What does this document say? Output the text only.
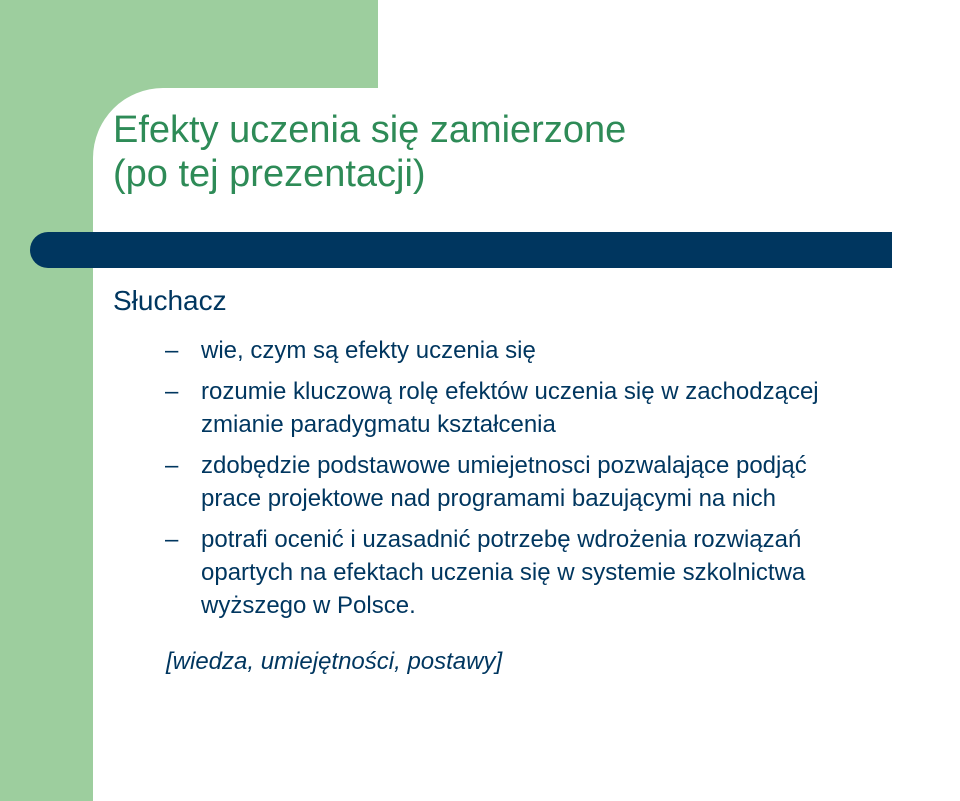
Efekty uczenia się zamierzone
(po tej prezentacji)
Słuchacz
– wie, czym są efekty uczenia się
– rozumie kluczową rolę efektów uczenia się w zachodzącej
zmianie paradygmatu kształcenia
– zdobędzie podstawowe umiejetnosci pozwalające podjąć
prace projektowe nad programami bazującymi na nich
– potrafi ocenić i uzasadnić potrzebę wdrożenia rozwiązań
opartych na efektach uczenia się w systemie szkolnictwa
wyższego w Polsce.
[wiedza, umiejętności, postawy]
